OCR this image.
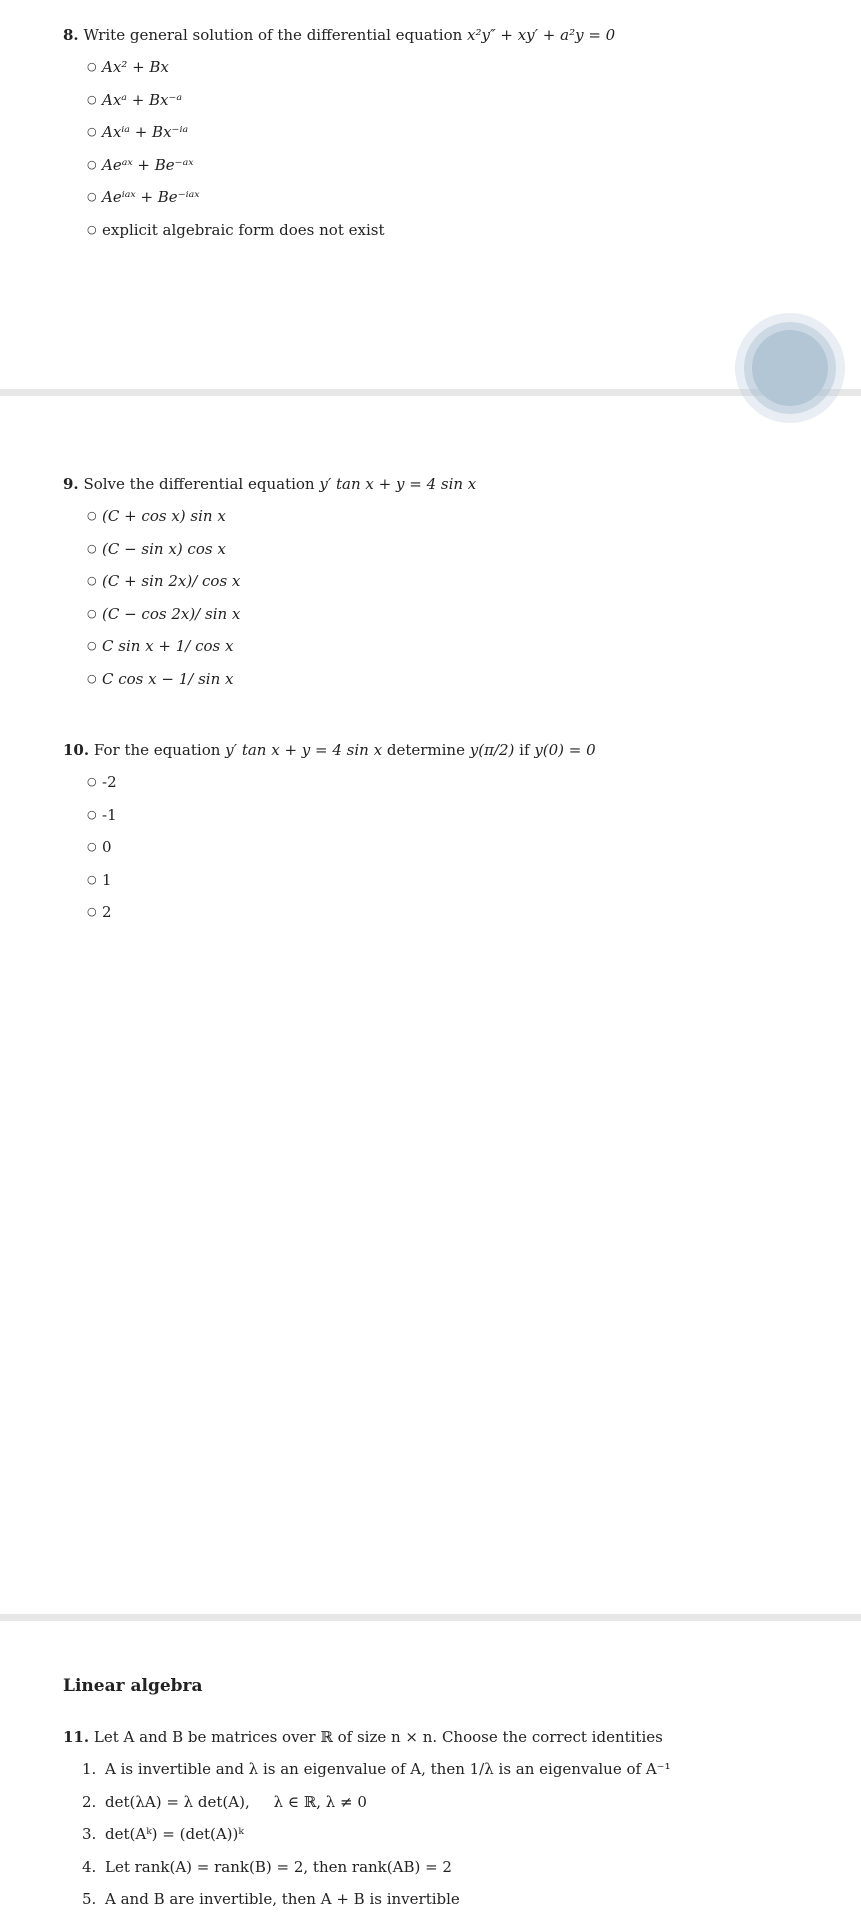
8. Write general solution of the differential equation x²y″ + xy′ + a²y = 0
○ Ax² + Bx
○ Axᵃ + Bx⁻ᵃ
○ Axⁱᵃ + Bx⁻ⁱᵃ
○ Aeᵃˣ + Be⁻ᵃˣ
○ Aeⁱᵃˣ + Be⁻ⁱᵃˣ
○ explicit algebraic form does not exist
9. Solve the differential equation y′ tan x + y = 4 sin x
○ (C + cos x) sin x
○ (C − sin x) cos x
○ (C + sin 2x)/ cos x
○ (C − cos 2x)/ sin x
○ C sin x + 1/ cos x
○ C cos x − 1/ sin x
10. For the equation y′ tan x + y = 4 sin x determine y(π/2) if y(0) = 0
○ -2
○ -1
○ 0
○ 1
○ 2
Linear algebra
11. Let A and B be matrices over ℝ of size n × n. Choose the correct identities
1. A is invertible and λ is an eigenvalue of A, then 1/λ is an eigenvalue of A⁻¹
2. det(λA) = λ det(A),     λ ∈ ℝ, λ ≠ 0
3. det(Aᵏ) = (det(A))ᵏ
4. Let rank(A) = rank(B) = 2, then rank(AB) = 2
5. A and B are invertible, then A + B is invertible
